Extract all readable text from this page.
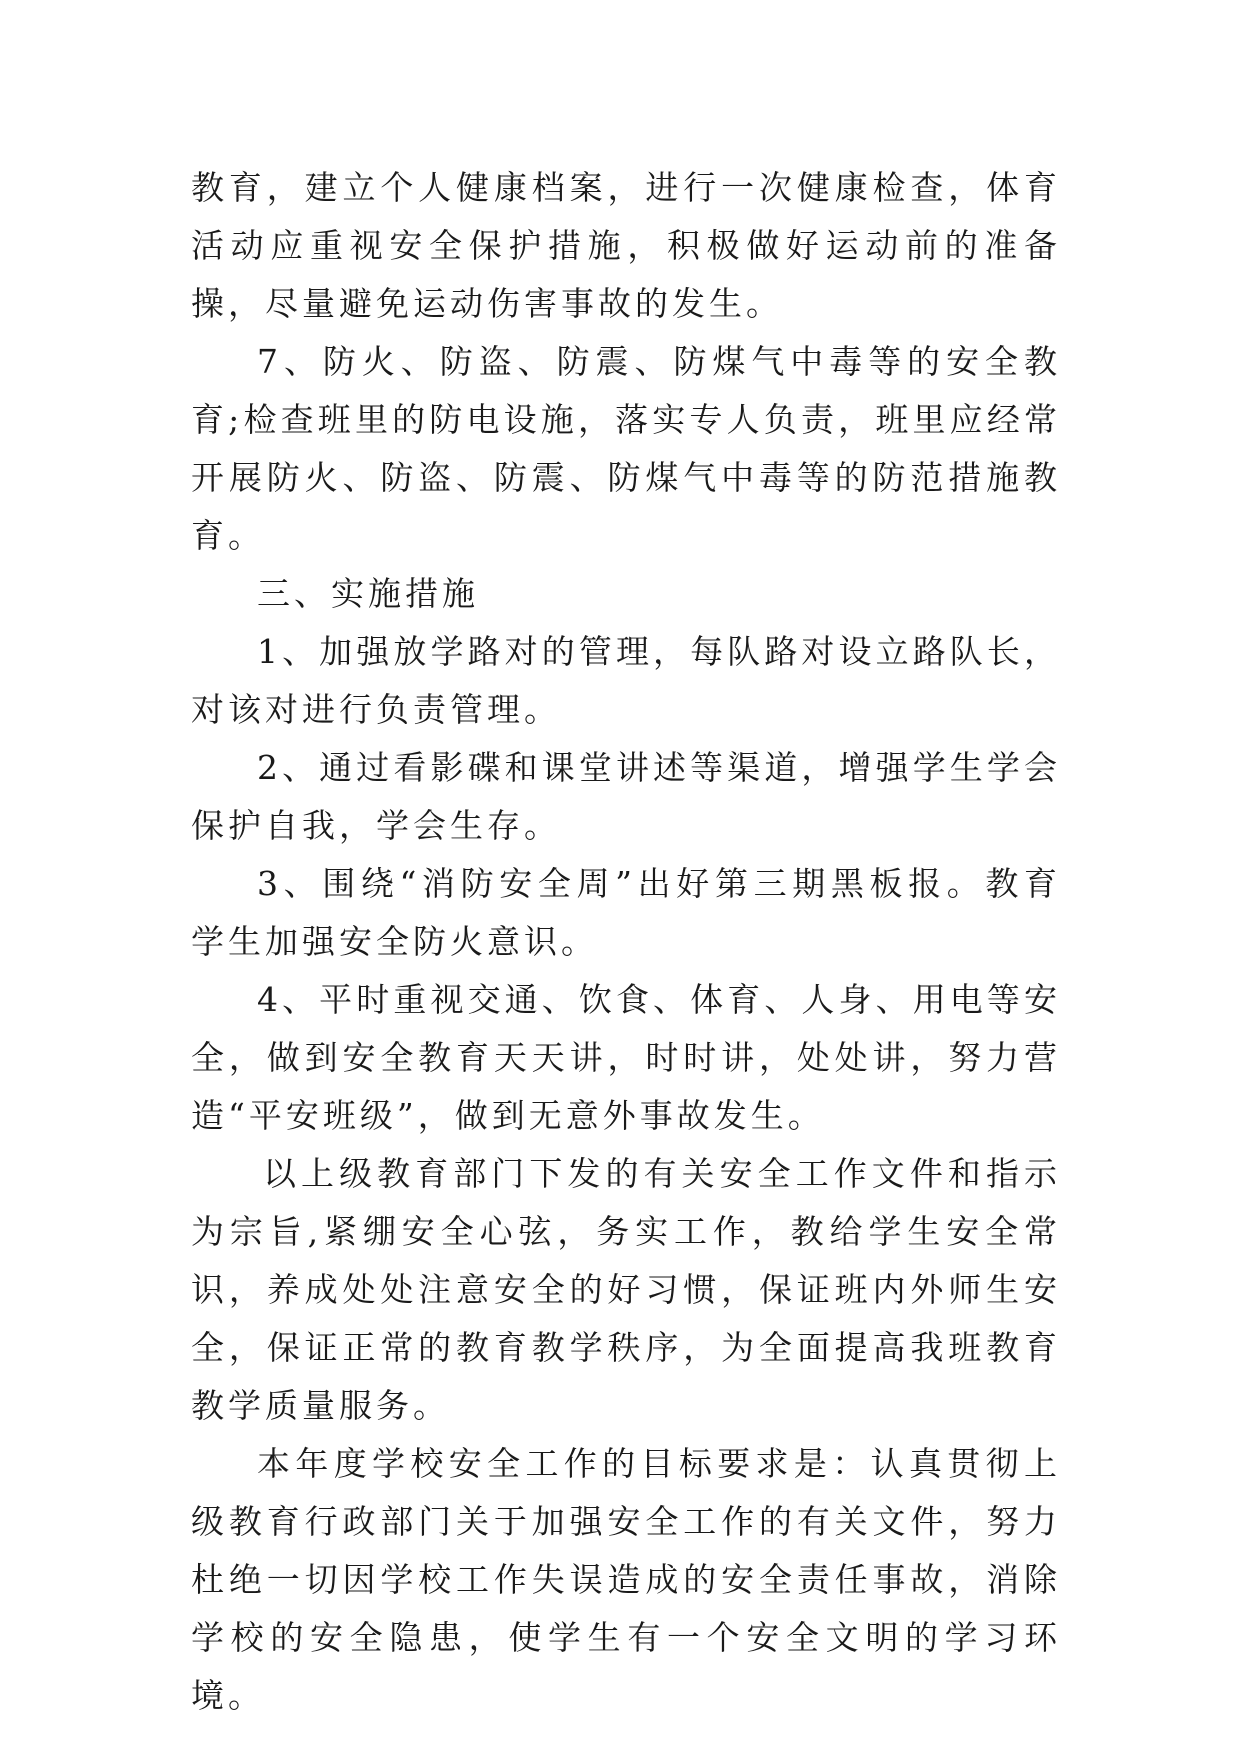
教育，建立个人健康档案，进行一次健康检查，体育活动应重视安全保护措施，积极做好运动前的准备操，尽量避免运动伤害事故的发生。

7、防火、防盗、防震、防煤气中毒等的安全教育;检查班里的防电设施，落实专人负责，班里应经常开展防火、防盗、防震、防煤气中毒等的防范措施教育。

三、实施措施

1、加强放学路对的管理，每队路对设立路队长，对该对进行负责管理。

2、通过看影碟和课堂讲述等渠道，增强学生学会保护自我，学会生存。

3、围绕“消防安全周”出好第三期黑板报。教育学生加强安全防火意识。

4、平时重视交通、饮食、体育、人身、用电等安全，做到安全教育天天讲，时时讲，处处讲，努力营造“平安班级”，做到无意外事故发生。

以上级教育部门下发的有关安全工作文件和指示为宗旨,紧绷安全心弦，务实工作，教给学生安全常识，养成处处注意安全的好习惯，保证班内外师生安全，保证正常的教育教学秩序，为全面提高我班教育教学质量服务。

本年度学校安全工作的目标要求是：认真贯彻上级教育行政部门关于加强安全工作的有关文件，努力杜绝一切因学校工作失误造成的安全责任事故，消除学校的安全隐患，使学生有一个安全文明的学习环境。
